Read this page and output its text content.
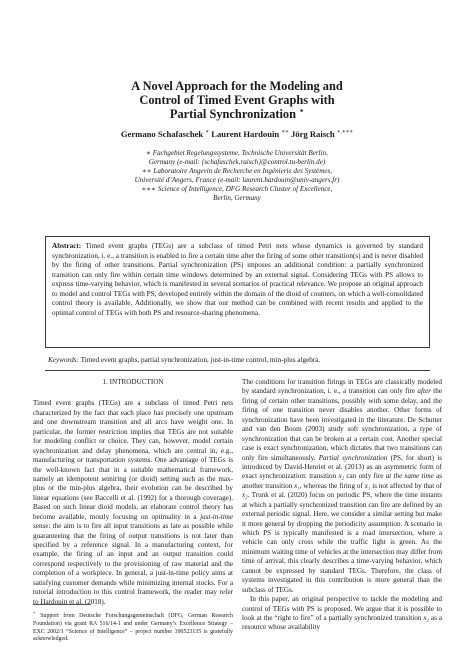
A Novel Approach for the Modeling and
Control of Timed Event Graphs with
Partial Synchronization ⋆
Germano Schafaschek ∗ Laurent Hardouin ∗∗ Jörg Raisch ∗,∗∗∗
∗ Fachgebiet Regelungssysteme, Technische Universität Berlin,
Germany (e-mail: {schafaschek,raisch}@control.tu-berlin.de)
∗∗ Laboratoire Angevin de Recherche en Ingénierie des Systèmes,
Université d’Angers, France (e-mail: laurent.hardouin@univ-angers.fr)
∗∗∗ Science of Intelligence, DFG Research Cluster of Excellence,
Berlin, Germany
Abstract: Timed event graphs (TEGs) are a subclass of timed Petri nets whose dynamics is governed by standard synchronization, i. e., a transition is enabled to fire a certain time after the firing of some other transition(s) and is never disabled by the firing of other transitions. Partial synchronization (PS) imposes an additional condition: a partially synchronized transition can only fire within certain time windows determined by an external signal. Considering TEGs with PS allows to express time-varying behavior, which is manifested in several scenarios of practical relevance. We propose an original approach to model and control TEGs with PS, developed entirely within the domain of the dioid of counters, on which a well-consolidated control theory is available. Additionally, we show that our method can be combined with recent results and applied to the optimal control of TEGs with both PS and resource-sharing phenomena.
Keywords: Timed event graphs, partial synchronization, just-in-time control, min-plus algebra.
1. INTRODUCTION

Timed event graphs (TEGs) are a subclass of timed Petri nets characterized by the fact that each place has precisely one upstream and one downstream transition and all arcs have weight one. In particular, the former restriction implies that TEGs are not suitable for modeling conflict or choice. They can, however, model certain synchronization and delay phenomena, which are central in, e.g., manufacturing or transportation systems. One advantage of TEGs is the well-known fact that in a suitable mathematical framework, namely an idempotent semiring (or dioid) setting such as the max-plus or the min-plus algebra, their evolution can be described by linear equations (see Baccelli et al. (1992) for a thorough coverage). Based on such linear dioid models, an elaborate control theory has become available, mostly focusing on optimality in a just-in-time sense: the aim is to fire all input transitions as late as possible while guaranteeing that the firing of output transitions is not later than specified by a reference signal. In a manufacturing context, for example, the firing of an input and an output transition could correspond respectively to the provisioning of raw material and the completion of a workpiece. In general, a just-in-time policy aims at satisfying customer demands while minimizing internal stocks. For a tutorial introduction to this control framework, the reader may refer to Hardouin et al. (2018).

⋆ Support from Deutsche Forschungsgemeinschaft (DFG, German Research Foundation) via grant RA 516/14-1 and under Germany’s Excellence Strategy – EXC 2002/1 “Science of Intelligence” – project number 390523135 is gratefully acknowledged.

The conditions for transition firings in TEGs are classically modeled by standard synchronization, i. e., a transition can only fire after the firing of certain other transitions, possibly with some delay, and the firing of one transition never disables another. Other forms of synchronization have been investigated in the literature. De Schutter and van den Boom (2003) study soft synchronization, a type of synchronization that can be broken at a certain cost. Another special case is exact synchronization, which dictates that two transitions can only fire simultaneously. Partial synchronization (PS, for short) is introduced by David-Henriet et al. (2013) as an asymmetric form of exact synchronization: transition x₂ can only fire at the same time as another transition x₁, whereas the firing of x₁ is not affected by that of x₂. Trunk et al. (2020) focus on periodic PS, where the time instants at which a partially synchronized transition can fire are defined by an external periodic signal. Here, we consider a similar setting but make it more general by dropping the periodicity assumption. A scenario in which PS is typically manifested is a road intersection, where a vehicle can only cross while the traffic light is green. As the minimum waiting time of vehicles at the intersection may differ from time of arrival, this clearly describes a time-varying behavior, which cannot be expressed by standard TEGs. Therefore, the class of systems investigated in this contribution is more general than the subclass of TEGs.

In this paper, an original perspective to tackle the modeling and control of TEGs with PS is proposed. We argue that it is possible to look at the “right to fire” of a partially synchronized transition x₂ as a resource whose availability
